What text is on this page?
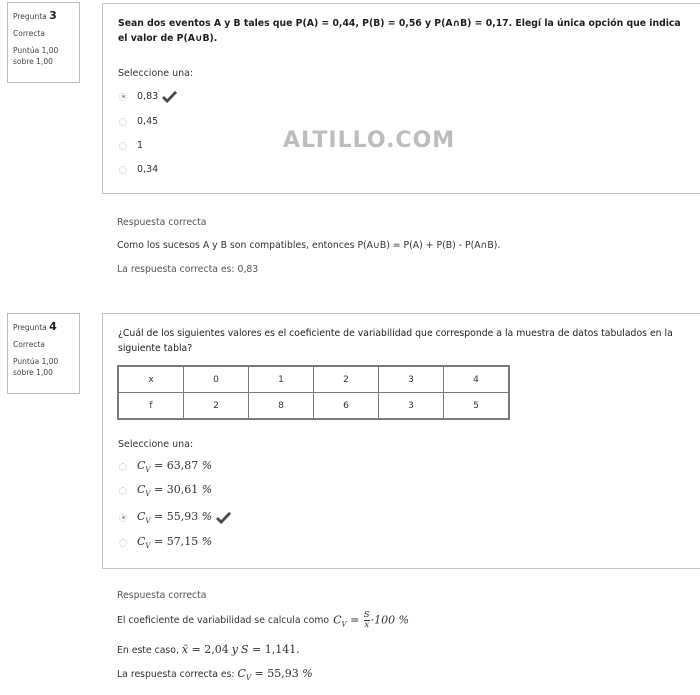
Pregunta 3
Correcta
Puntúa 1,00
sobre 1,00
Sean dos eventos A y B tales que P(A) = 0,44, P(B) = 0,56 y P(A∩B) = 0,17. Elegí la única opción que indica el valor de P(A∪B).
Seleccione una:
0,83
0,45
1
0,34
ALTILLO.COM
Respuesta correcta
Como los sucesos A y B son compatibles, entonces P(A∪B) = P(A) + P(B) - P(A∩B).
La respuesta correcta es: 0,83
Pregunta 4
Correcta
Puntúa 1,00
sobre 1,00
¿Cuál de los siguientes valores es el coeficiente de variabilidad que corresponde a la muestra de datos tabulados en la siguiente tabla?
x	0	1	2	3	4
f	2	8	6	3	5
Seleccione una:
$C_V = 63,87$ %
$C_V = 30,61$ %
$C_V = 55,93$ %
$C_V = 57,15$ %
Respuesta correcta
El coeficiente de variabilidad se calcula como $C_V = \frac{S}{x̄} \cdot 100$ %
En este caso, x̄ = 2,04 y S = 1,141.
La respuesta correcta es: $C_V = 55,93$ %
